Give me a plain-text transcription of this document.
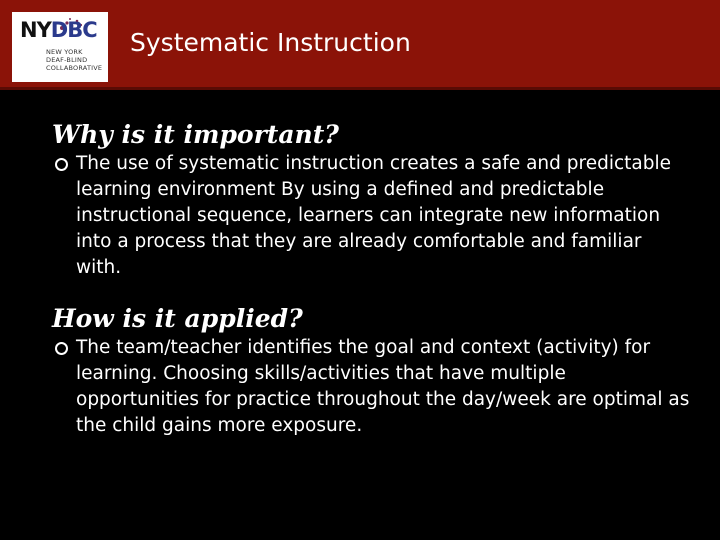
NYDBC
NEW YORK
DEAF-BLIND
COLLABORATIVE
Systematic Instruction
Why is it important?
The use of systematic instruction creates a safe and predictable learning environment By using a defined and predictable instructional sequence, learners can integrate new information into a process that they are already comfortable and familiar with.
How is it applied?
The team/teacher identifies the goal and context (activity) for learning. Choosing skills/activities that have multiple opportunities for practice throughout the day/week are optimal as the child gains more exposure.
